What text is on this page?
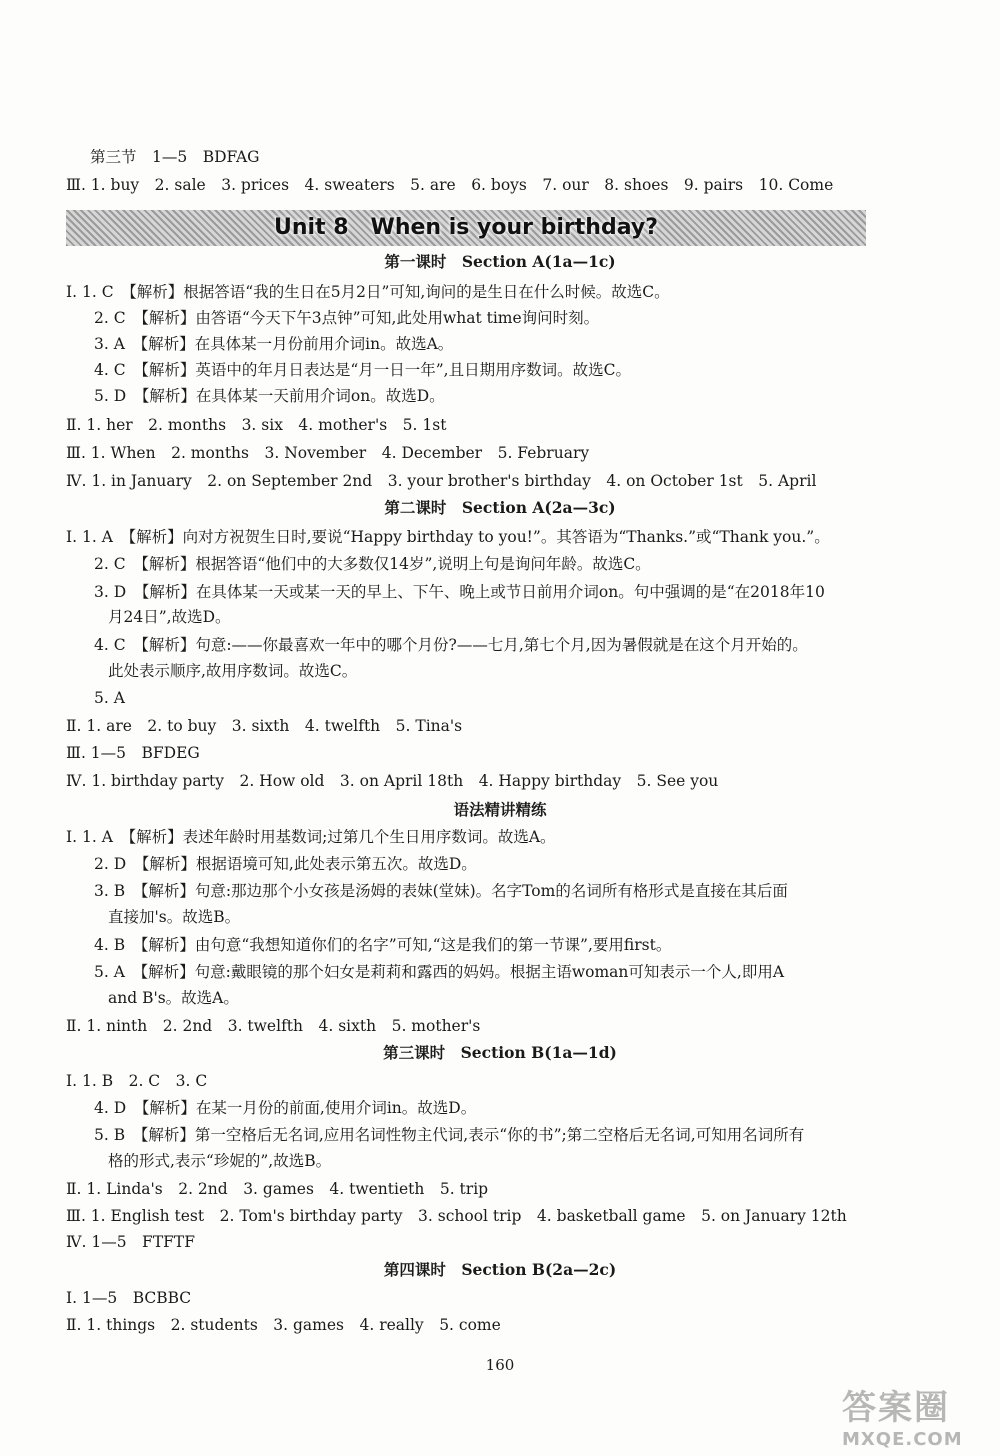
第三节　1—5　BDFAG
Ⅲ. 1. buy　2. sale　3. prices　4. sweaters　5. are　6. boys　7. our　8. shoes　9. pairs　10. Come
Unit 8　When is your birthday?
第一课时　Section A(1a—1c)
Ⅰ. 1. C　【解析】根据答语“我的生日在5月2日”可知,询问的是生日在什么时候。故选C。
2. C　【解析】由答语“今天下午3点钟”可知,此处用what time询问时刻。
3. A　【解析】在具体某一月份前用介词in。故选A。
4. C　【解析】英语中的年月日表达是“月一日一年”,且日期用序数词。故选C。
5. D　【解析】在具体某一天前用介词on。故选D。
Ⅱ. 1. her　2. months　3. six　4. mother's　5. 1st
Ⅲ. 1. When　2. months　3. November　4. December　5. February
Ⅳ. 1. in January　2. on September 2nd　3. your brother's birthday　4. on October 1st　5. April
第二课时　Section A(2a—3c)
Ⅰ. 1. A　【解析】向对方祝贺生日时,要说“Happy birthday to you!”。其答语为“Thanks.”或“Thank you.”。
2. C　【解析】根据答语“他们中的大多数仅14岁”,说明上句是询问年龄。故选C。
3. D　【解析】在具体某一天或某一天的早上、下午、晚上或节日前用介词on。句中强调的是“在2018年10
月24日”,故选D。
4. C　【解析】句意:——你最喜欢一年中的哪个月份?——七月,第七个月,因为暑假就是在这个月开始的。
此处表示顺序,故用序数词。故选C。
5. A
Ⅱ. 1. are　2. to buy　3. sixth　4. twelfth　5. Tina's
Ⅲ. 1—5　BFDEG
Ⅳ. 1. birthday party　2. How old　3. on April 18th　4. Happy birthday　5. See you
语法精讲精练
Ⅰ. 1. A　【解析】表述年龄时用基数词;过第几个生日用序数词。故选A。
2. D　【解析】根据语境可知,此处表示第五次。故选D。
3. B　【解析】句意:那边那个小女孩是汤姆的表妹(堂妹)。名字Tom的名词所有格形式是直接在其后面
直接加's。故选B。
4. B　【解析】由句意“我想知道你们的名字”可知,“这是我们的第一节课”,要用first。
5. A　【解析】句意:戴眼镜的那个妇女是莉莉和露西的妈妈。根据主语woman可知表示一个人,即用A
and B's。故选A。
Ⅱ. 1. ninth　2. 2nd　3. twelfth　4. sixth　5. mother's
第三课时　Section B(1a—1d)
Ⅰ. 1. B　2. C　3. C
4. D　【解析】在某一月份的前面,使用介词in。故选D。
5. B　【解析】第一空格后无名词,应用名词性物主代词,表示“你的书”;第二空格后无名词,可知用名词所有
格的形式,表示“珍妮的”,故选B。
Ⅱ. 1. Linda's　2. 2nd　3. games　4. twentieth　5. trip
Ⅲ. 1. English test　2. Tom's birthday party　3. school trip　4. basketball game　5. on January 12th
Ⅳ. 1—5　FTFTF
第四课时　Section B(2a—2c)
Ⅰ. 1—5　BCBBC
Ⅱ. 1. things　2. students　3. games　4. really　5. come
160
答案圈
MXQE.COM
